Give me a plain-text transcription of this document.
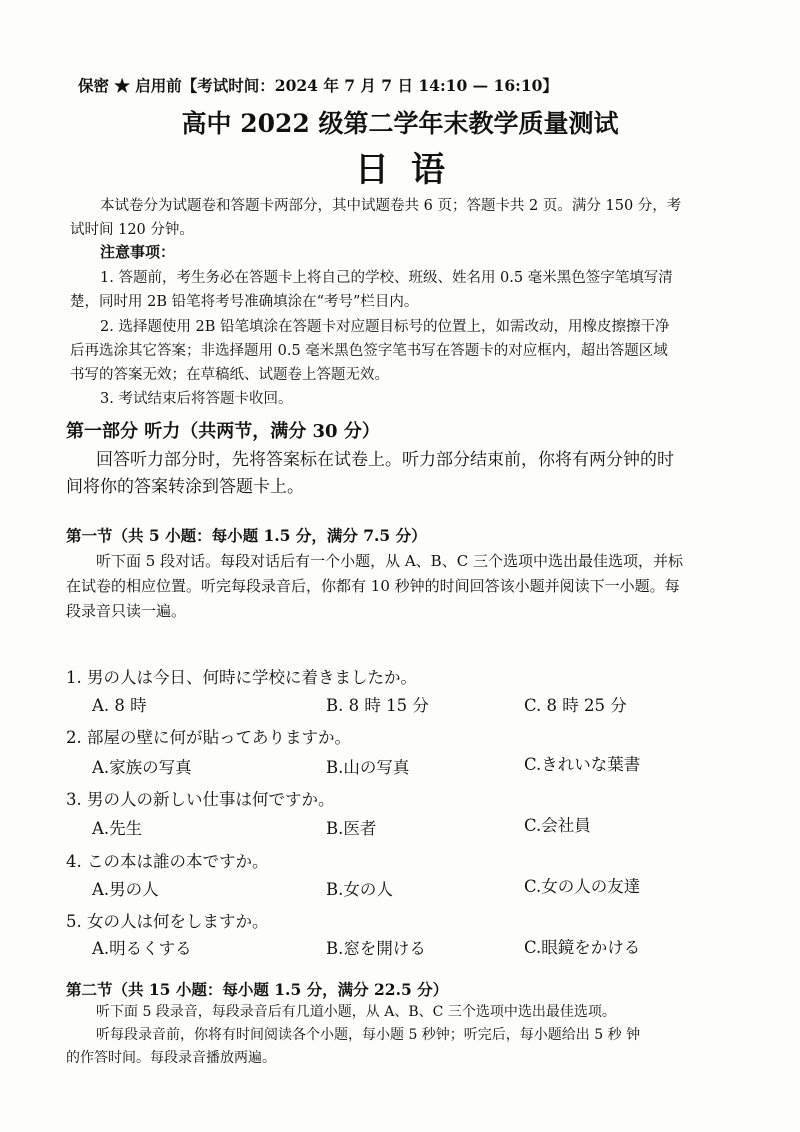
保密 ★ 启用前【考试时间：2024 年 7 月 7 日 14:10 — 16:10】
高中 2022 级第二学年末教学质量测试
日语
本试卷分为试题卷和答题卡两部分，其中试题卷共 6 页；答题卡共 2 页。满分 150 分，考
试时间 120 分钟。
注意事项：
1. 答题前，考生务必在答题卡上将自己的学校、班级、姓名用 0.5 毫米黑色签字笔填写清
楚，同时用 2B 铅笔将考号准确填涂在“考号”栏目内。
2. 选择题使用 2B 铅笔填涂在答题卡对应题目标号的位置上，如需改动，用橡皮擦擦干净
后再选涂其它答案；非选择题用 0.5 毫米黑色签字笔书写在答题卡的对应框内，超出答题区域
书写的答案无效；在草稿纸、试题卷上答题无效。
3. 考试结束后将答题卡收回。
第一部分 听力（共两节，满分 30 分）
回答听力部分时，先将答案标在试卷上。听力部分结束前，你将有两分钟的时
间将你的答案转涂到答题卡上。
第一节（共 5 小题：每小题 1.5 分，满分 7.5 分）
听下面 5 段对话。每段对话后有一个小题，从 A、B、C 三个选项中选出最佳选项，并标
在试卷的相应位置。听完每段录音后，你都有 10 秒钟的时间回答该小题并阅读下一小题。每
段录音只读一遍。
1. 男の人は今日、何時に学校に着きましたか。
A. 8 時	B. 8 時 15 分	C. 8 時 25 分
2. 部屋の壁に何が貼ってありますか。
A.家族の写真	B.山の写真	C.きれいな葉書
3. 男の人の新しい仕事は何ですか。
A.先生	B.医者	C.会社員
4. この本は誰の本ですか。
A.男の人	B.女の人	C.女の人の友達
5. 女の人は何をしますか。
A.明るくする	B.窓を開ける	C.眼鏡をかける
第二节（共 15 小题：每小题 1.5 分，满分 22.5 分）
听下面 5 段录音，每段录音后有几道小题，从 A、B、C 三个选项中选出最佳选项。
听每段录音前，你将有时间阅读各个小题，每小题 5 秒钟；听完后，每小题给出 5 秒 钟
的作答时间。每段录音播放两遍。
